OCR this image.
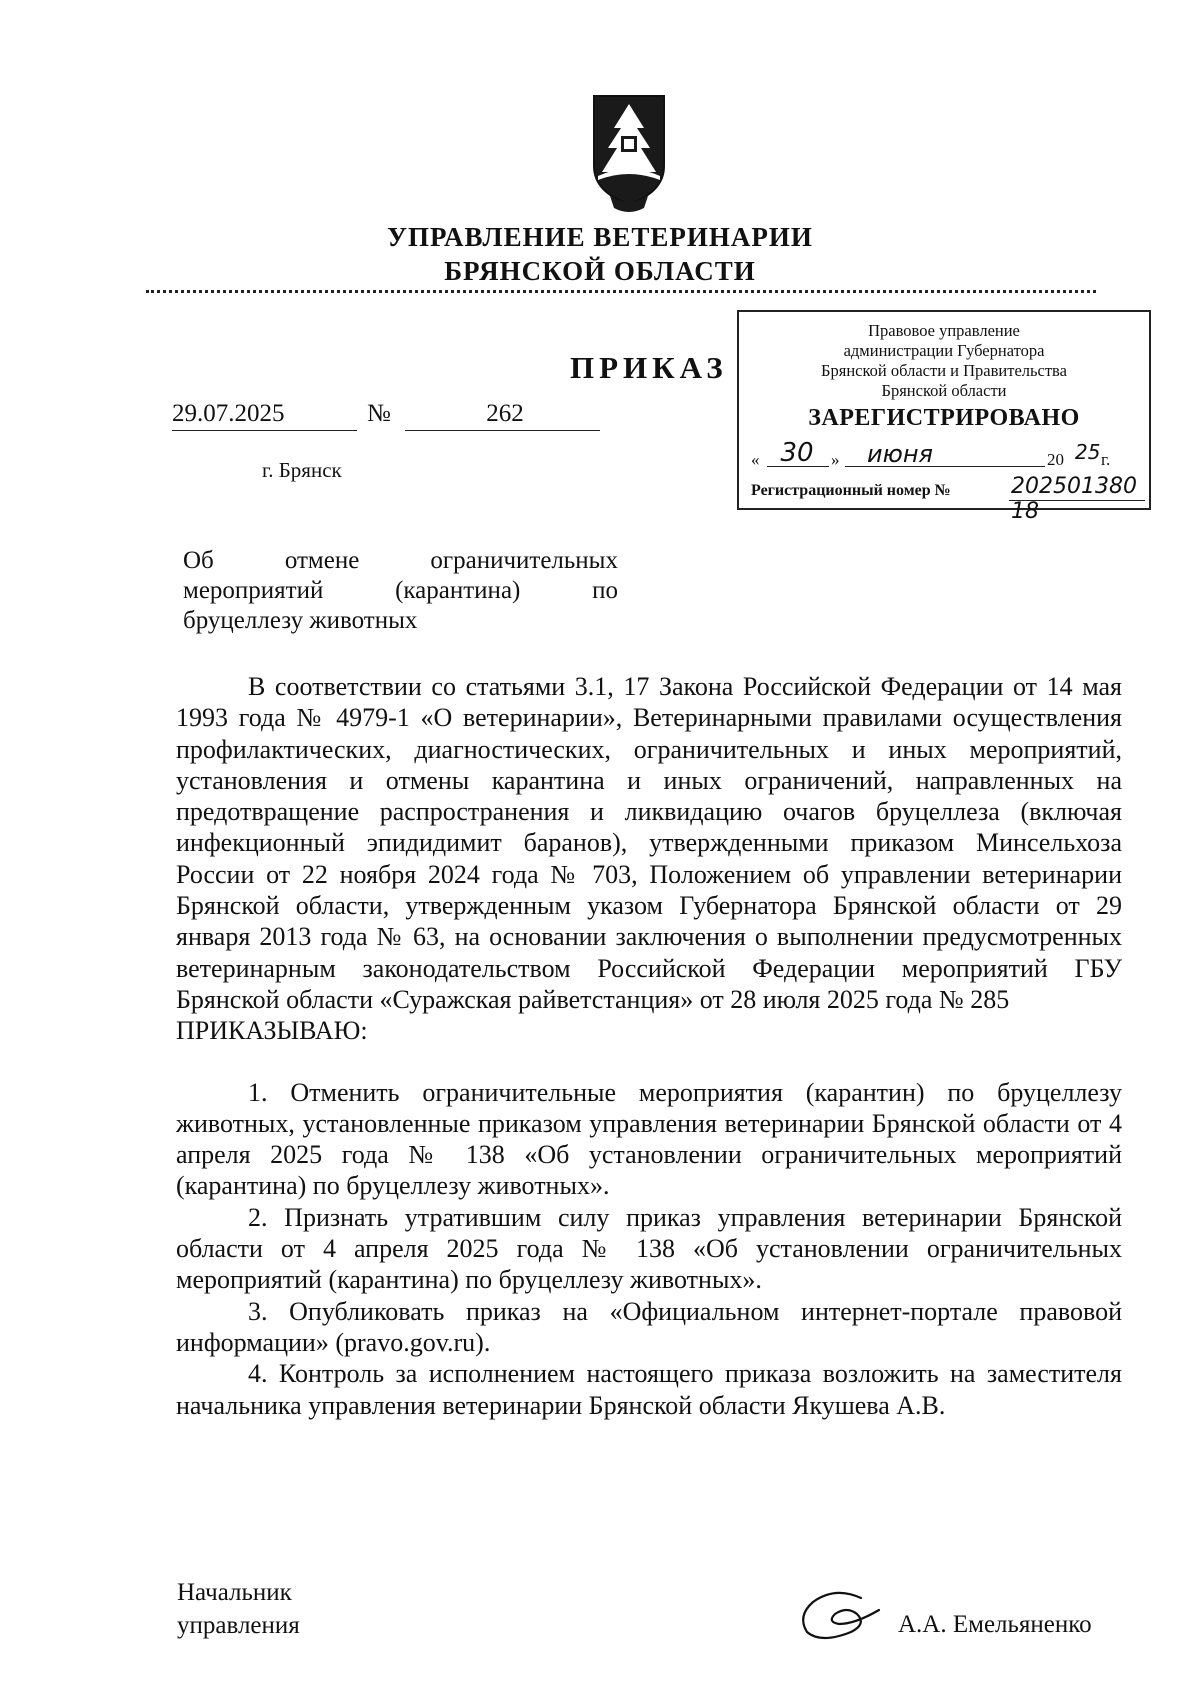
УПРАВЛЕНИЕ ВЕТЕРИНАРИИ
БРЯНСКОЙ ОБЛАСТИ
Правовое управление
администрации Губернатора
Брянской области и Правительства
Брянской области
ЗАРЕГИСТРИРОВАНО
« 30	»	июня	20 25 г.
Регистрационный номер №	202501380 18
ПРИКАЗ
29.07.2025	№	262
г. Брянск
Об	отмене	ограничительных
мероприятий	(карантина)	по
бруцеллезу животных

В соответствии со статьями 3.1, 17 Закона Российской Федерации от 14 мая 1993 года № 4979-1 «О ветеринарии», Ветеринарными правилами осуществления профилактических, диагностических, ограничительных и иных мероприятий, установления и отмены карантина и иных ограничений, направленных на предотвращение распространения и ликвидацию очагов бруцеллеза (включая инфекционный эпидидимит баранов), утвержденными приказом Минсельхоза России от 22 ноября 2024 года № 703, Положением об управлении ветеринарии Брянской области, утвержденным указом Губернатора Брянской области от 29 января 2013 года № 63, на основании заключения о выполнении предусмотренных ветеринарным законодательством Российской Федерации мероприятий ГБУ Брянской области «Суражская райветстанция» от 28 июля 2025 года № 285

ПРИКАЗЫВАЮ:

1. Отменить ограничительные мероприятия (карантин) по бруцеллезу животных, установленные приказом управления ветеринарии Брянской области от 4 апреля 2025 года № 138 «Об установлении ограничительных мероприятий (карантина) по бруцеллезу животных».

2. Признать утратившим силу приказ управления ветеринарии Брянской области от 4 апреля 2025 года № 138 «Об установлении ограничительных мероприятий (карантина) по бруцеллезу животных».

3. Опубликовать приказ на «Официальном интернет-портале правовой информации» (pravo.gov.ru).

4. Контроль за исполнением настоящего приказа возложить на заместителя начальника управления ветеринарии Брянской области Якушева А.В.

Начальник
управления	А.А. Емельяненко
